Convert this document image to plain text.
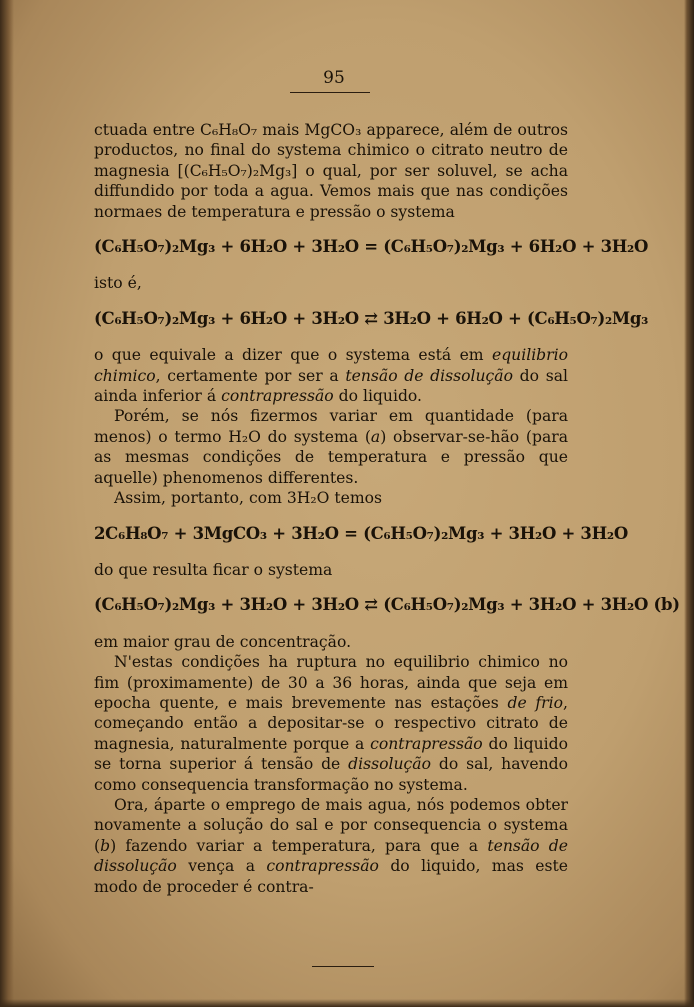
95

ctuada entre C₆H₈O₇ mais MgCO₃ apparece, além de outros productos, no final do systema chimico o citrato neutro de magnesia [(C₆H₅O₇)₂Mg₃] o qual, por ser soluvel, se acha diffundido por toda a agua. Vemos mais que nas condições normaes de temperatura e pressão o systema

(C₆H₅O₇)₂Mg₃ + 6H₂O + 3H₂O = (C₆H₅O₇)₂Mg₃ + 6H₂O + 3H₂O

isto é,

(C₆H₅O₇)₂Mg₃ + 6H₂O + 3H₂O ⇄ 3H₂O + 6H₂O + (C₆H₅O₇)₂Mg₃

o que equivale a dizer que o systema está em equilibrio chimico, certamente por ser a tensão de dissolução do sal ainda inferior á contrapressão do liquido.

Porém, se nós fizermos variar em quantidade (para menos) o termo H₂O do systema (a) observar-se-hão (para as mesmas condições de temperatura e pressão que aquelle) phenomenos differentes.

Assim, portanto, com 3H₂O temos

2C₆H₈O₇ + 3MgCO₃ + 3H₂O = (C₆H₅O₇)₂Mg₃ + 3H₂O + 3H₂O

do que resulta ficar o systema

(C₆H₅O₇)₂Mg₃ + 3H₂O + 3H₂O ⇄ (C₆H₅O₇)₂Mg₃ + 3H₂O + 3H₂O (b)

em maior grau de concentração.

N'estas condições ha ruptura no equilibrio chimico no fim (proximamente) de 30 a 36 horas, ainda que seja em epocha quente, e mais brevemente nas estações de frio, começando então a depositar-se o respectivo citrato de magnesia, naturalmente porque a contrapressão do liquido se torna superior á tensão de dissolução do sal, havendo como consequencia transformação no systema.

Ora, áparte o emprego de mais agua, nós podemos obter novamente a solução do sal e por consequencia o systema (b) fazendo variar a temperatura, para que a tensão de dissolução vença a contrapressão do liquido, mas este modo de proceder é contra-
